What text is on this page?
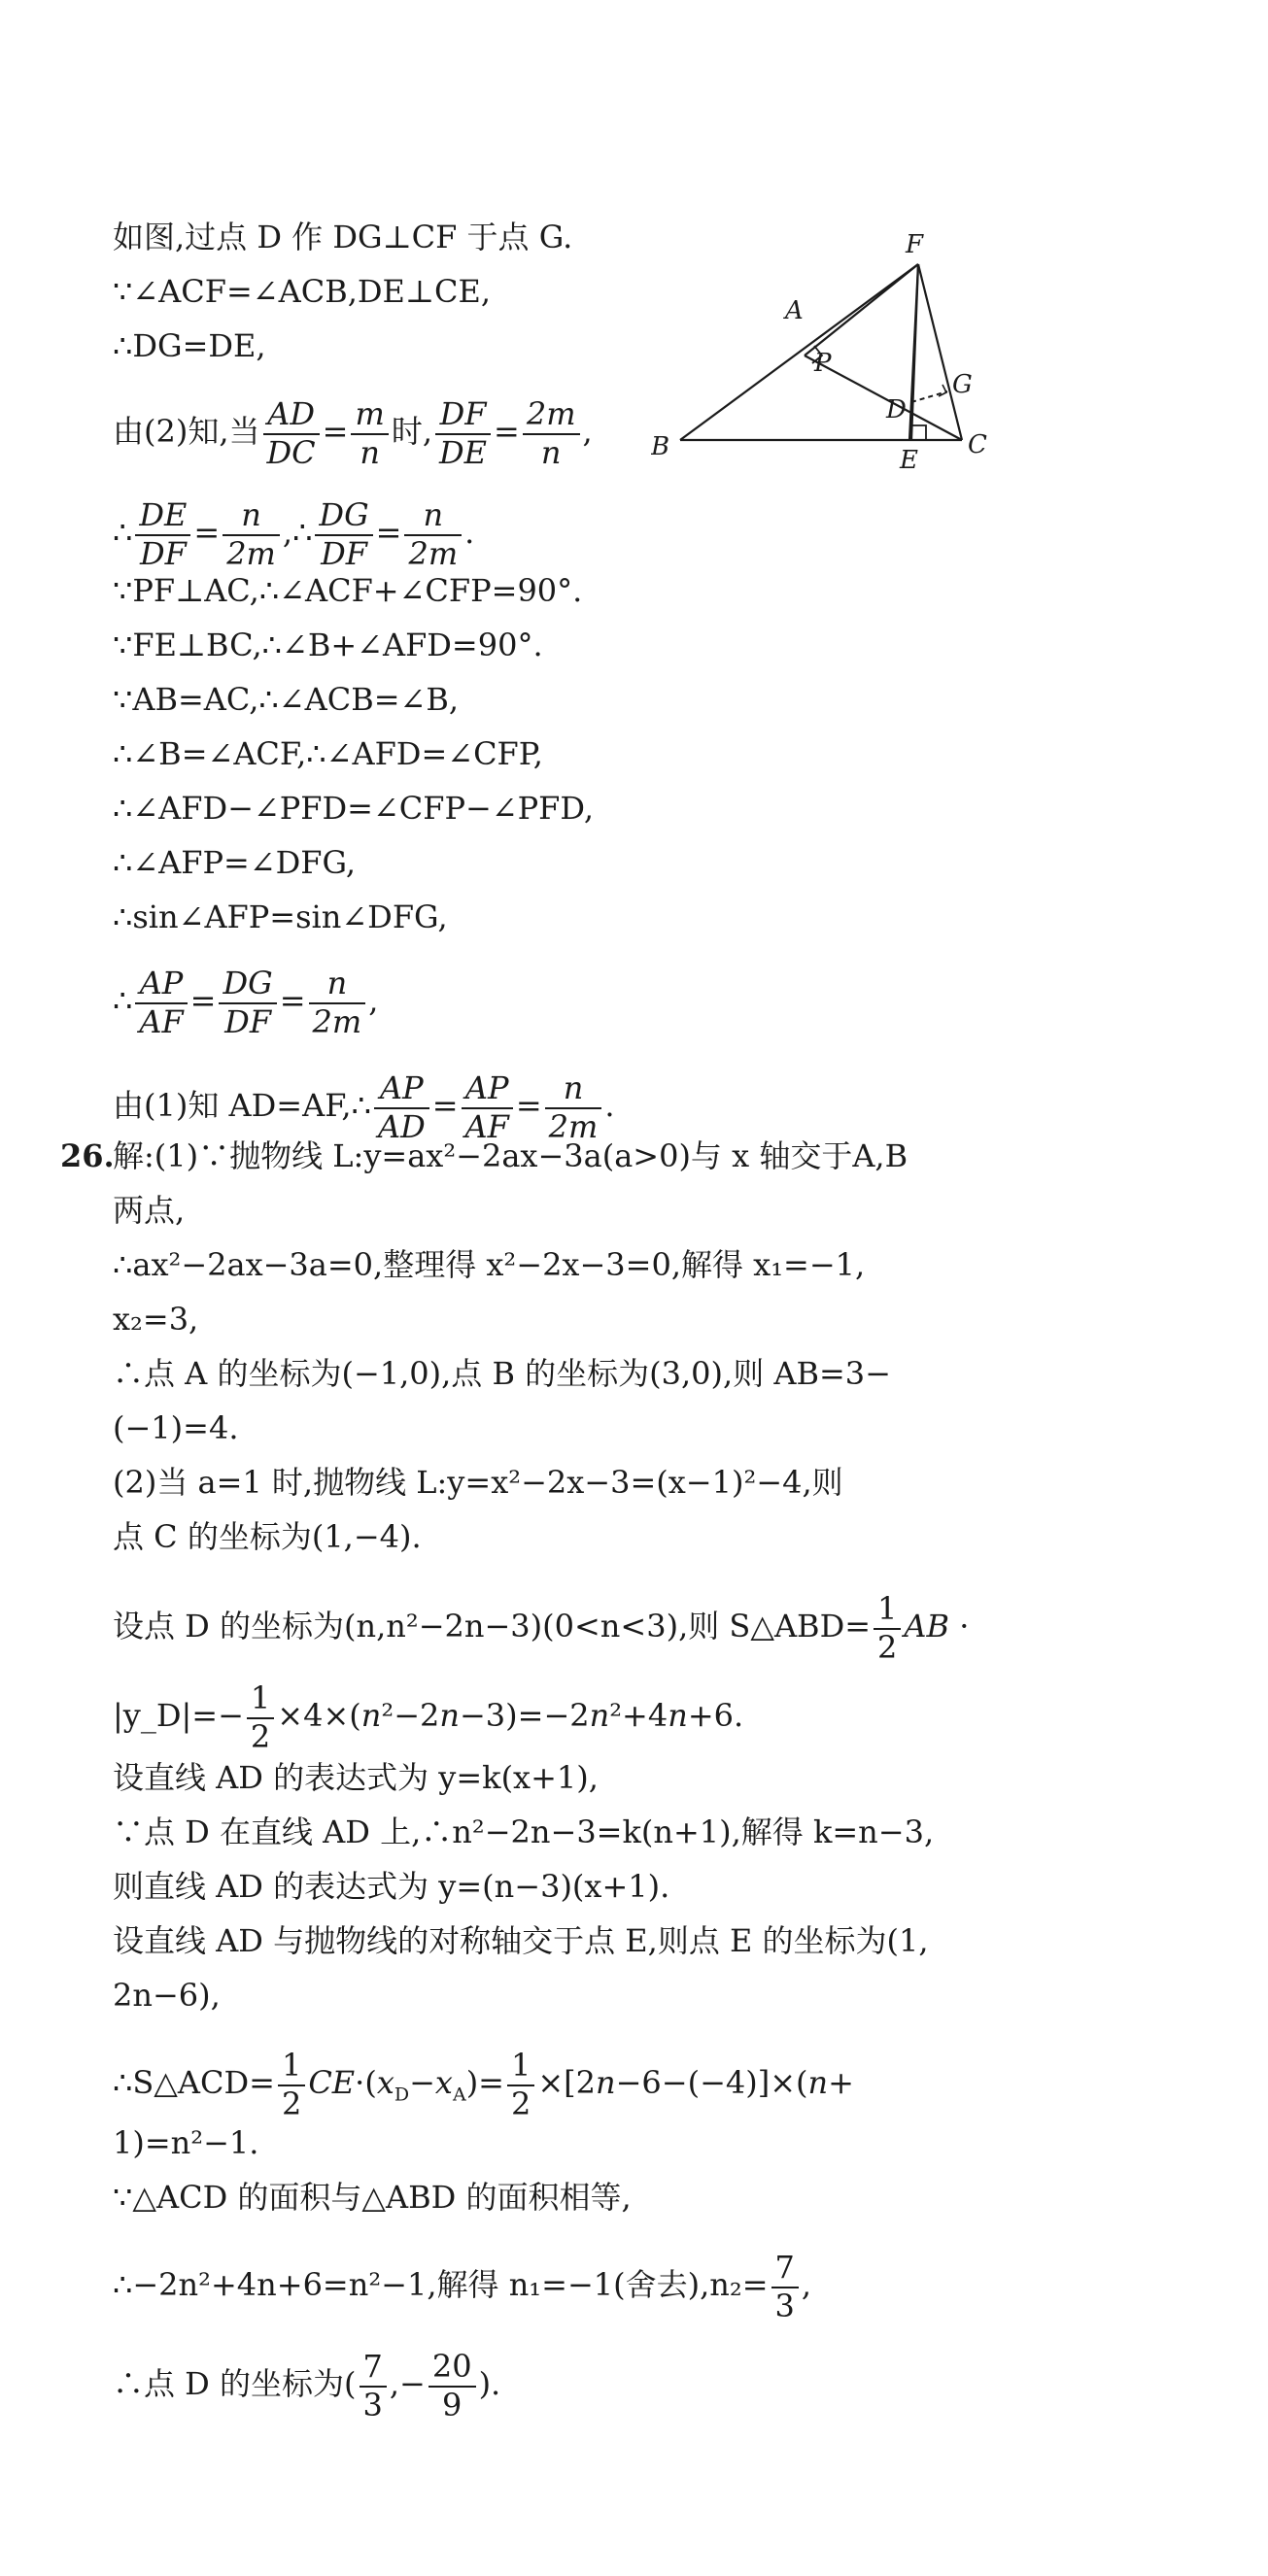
F
A
P
G
D
B	E
C
如图,过点 D 作 DG⊥CF 于点 G.
∵∠ACF=∠ACB,DE⊥CE,
∴DG=DE,
由(2)知,当 $\frac{AD}{DC} = \frac{m}{n}$ 时, $\frac{DF}{DE} = \frac{2m}{n}$ ,
∴ $\frac{DE}{DF} = \frac{n}{2m}$ ,∴ $\frac{DG}{DF} = \frac{n}{2m}$ .
∵PF⊥AC,∴∠ACF+∠CFP=90°.
∵FE⊥BC,∴∠B+∠AFD=90°.
∵AB=AC,∴∠ACB=∠B,
∴∠B=∠ACF,∴∠AFD=∠CFP,
∴∠AFD−∠PFD=∠CFP−∠PFD,
∴∠AFP=∠DFG,
∴sin∠AFP=sin∠DFG,
∴ $\frac{AP}{AF} = \frac{DG}{DF} = \frac{n}{2m}$ ,
由(1)知 AD=AF,∴ $\frac{AP}{AD} = \frac{AP}{AF} = \frac{n}{2m}$ .
26.
解:(1)∵抛物线 L:y=ax²−2ax−3a(a>0)与 x 轴交于A,B
两点,
∴ax²−2ax−3a=0,整理得 x²−2x−3=0,解得 x₁=−1,
x₂=3,
∴点 A 的坐标为(−1,0),点 B 的坐标为(3,0),则 AB=3−
(−1)=4.
(2)当 a=1 时,抛物线 L:y=x²−2x−3=(x−1)²−4,则
点 C 的坐标为(1,−4).
设点 D 的坐标为(n,n²−2n−3)(0<n<3),则 S△ABD= $\frac{1}{2}$ AB ·
|y_D|=− $\frac{1}{2} \times 4\times(n^2-2n-3)=-2n^2+4n+6$.
设直线 AD 的表达式为 y=k(x+1),
∵点 D 在直线 AD 上,∴n²−2n−3=k(n+1),解得 k=n−3,
则直线 AD 的表达式为 y=(n−3)(x+1).
设直线 AD 与抛物线的对称轴交于点 E,则点 E 的坐标为(1,
2n−6),
∴S△ACD= $\frac{1}{2} CE\cdot(x_D-x_A)= \frac{1}{2} \times[2n-6-(-4)]\times(n+$
1)=n²−1.
∵△ACD 的面积与△ABD 的面积相等,
∴−2n²+4n+6=n²−1,解得 n₁=−1(舍去)$,n_2= \frac{7}{3}$ ,
∴点 D 的坐标为( $\frac{7}{3}$ ,− $\frac{20}{9}$ ).
